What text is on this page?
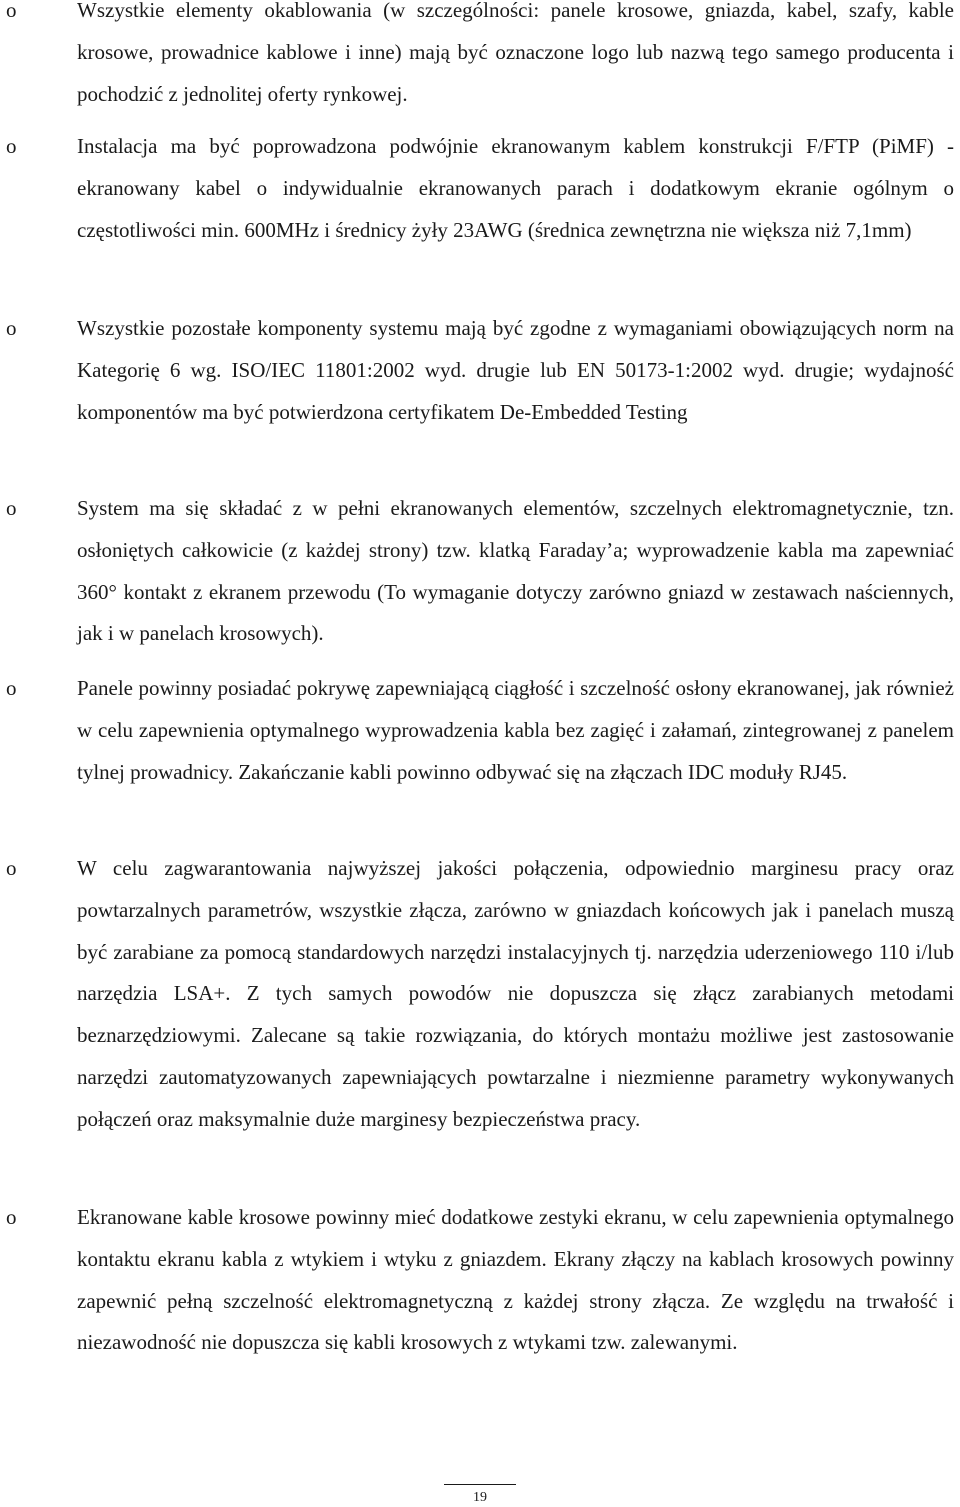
o	Wszystkie elementy okablowania (w szczególności: panele krosowe, gniazda, kabel, szafy, kable krosowe, prowadnice kablowe i inne) mają być oznaczone logo lub nazwą tego samego producenta i pochodzić z jednolitej oferty rynkowej.
o	Instalacja ma być poprowadzona podwójnie ekranowanym kablem konstrukcji F/FTP (PiMF) - ekranowany kabel o indywidualnie ekranowanych parach i dodatkowym ekranie ogólnym o częstotliwości min. 600MHz i średnicy żyły 23AWG (średnica zewnętrzna nie większa niż 7,1mm)
o	Wszystkie pozostałe komponenty systemu mają być zgodne z wymaganiami obowiązujących norm na Kategorię 6 wg. ISO/IEC 11801:2002 wyd. drugie lub EN 50173-1:2002 wyd. drugie; wydajność komponentów ma być potwierdzona certyfikatem De-Embedded Testing
o	System ma się składać z w pełni ekranowanych elementów, szczelnych elektromagnetycznie, tzn. osłoniętych całkowicie (z każdej strony) tzw. klatką Faraday’a; wyprowadzenie kabla ma zapewniać 360° kontakt z ekranem przewodu (To wymaganie dotyczy zarówno gniazd w zestawach naściennych, jak i w panelach krosowych).
o	Panele powinny posiadać pokrywę zapewniającą ciągłość i szczelność osłony ekranowanej, jak również w celu zapewnienia optymalnego wyprowadzenia kabla bez zagięć i załamań, zintegrowanej z panelem tylnej prowadnicy. Zakańczanie kabli powinno odbywać się na złączach IDC moduły RJ45.
o	W celu zagwarantowania najwyższej jakości połączenia, odpowiednio marginesu pracy oraz powtarzalnych parametrów, wszystkie złącza, zarówno w gniazdach końcowych jak i panelach muszą być zarabiane za pomocą standardowych narzędzi instalacyjnych tj. narzędzia uderzeniowego 110 i/lub narzędzia LSA+. Z tych samych powodów nie dopuszcza się złącz zarabianych metodami beznarzędziowymi. Zalecane są takie rozwiązania, do których montażu możliwe jest zastosowanie narzędzi zautomatyzowanych zapewniających powtarzalne i niezmienne parametry wykonywanych połączeń oraz maksymalnie duże marginesy bezpieczeństwa pracy.
o	Ekranowane kable krosowe powinny mieć dodatkowe zestyki ekranu, w celu zapewnienia optymalnego kontaktu ekranu kabla z wtykiem i wtyku z gniazdem. Ekrany złączy na kablach krosowych powinny zapewnić pełną szczelność elektromagnetyczną z każdej strony złącza. Ze względu na trwałość i niezawodność nie dopuszcza się kabli krosowych z wtykami tzw. zalewanymi.
19
